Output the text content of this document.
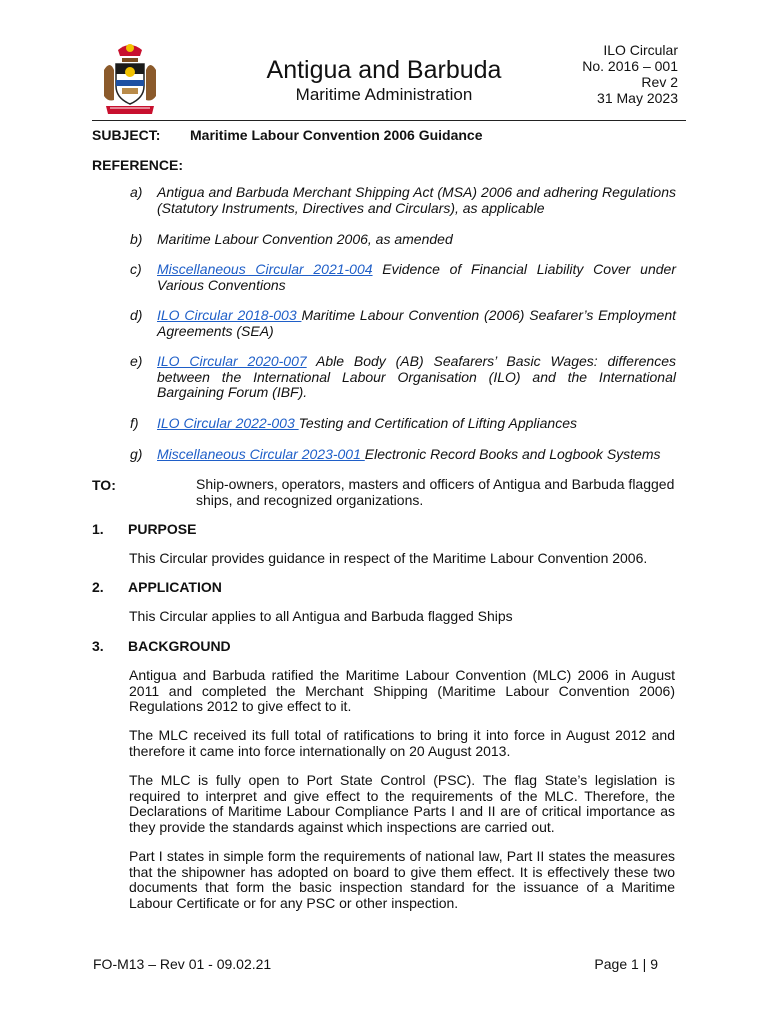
Antigua and Barbuda
Maritime Administration
ILO Circular
No. 2016 – 001
Rev 2
31 May 2023
SUBJECT: Maritime Labour Convention 2006 Guidance
REFERENCE:
a)	Antigua and Barbuda Merchant Shipping Act (MSA) 2006 and adhering Regulations (Statutory Instruments, Directives and Circulars), as applicable
b)	Maritime Labour Convention 2006, as amended
c)	Miscellaneous Circular 2021-004 Evidence of Financial Liability Cover under Various Conventions
d)	ILO Circular 2018-003 Maritime Labour Convention (2006) Seafarer’s Employment Agreements (SEA)
e)	ILO Circular 2020-007 Able Body (AB) Seafarers’ Basic Wages: differences between the International Labour Organisation (ILO) and the International Bargaining Forum (IBF).
f)	ILO Circular 2022-003 Testing and Certification of Lifting Appliances
g)	Miscellaneous Circular 2023-001 Electronic Record Books and Logbook Systems
TO:	Ship-owners, operators, masters and officers of Antigua and Barbuda flagged ships, and recognized organizations.
1. PURPOSE
This Circular provides guidance in respect of the Maritime Labour Convention 2006.
2. APPLICATION
This Circular applies to all Antigua and Barbuda flagged Ships
3. BACKGROUND
Antigua and Barbuda ratified the Maritime Labour Convention (MLC) 2006 in August 2011 and completed the Merchant Shipping (Maritime Labour Convention 2006) Regulations 2012 to give effect to it.
The MLC received its full total of ratifications to bring it into force in August 2012 and therefore it came into force internationally on 20 August 2013.
The MLC is fully open to Port State Control (PSC). The flag State’s legislation is required to interpret and give effect to the requirements of the MLC. Therefore, the Declarations of Maritime Labour Compliance Parts I and II are of critical importance as they provide the standards against which inspections are carried out.
Part I states in simple form the requirements of national law, Part II states the measures that the shipowner has adopted on board to give them effect. It is effectively these two documents that form the basic inspection standard for the issuance of a Maritime Labour Certificate or for any PSC or other inspection.
FO-M13 – Rev 01 - 09.02.21	Page 1 | 9
